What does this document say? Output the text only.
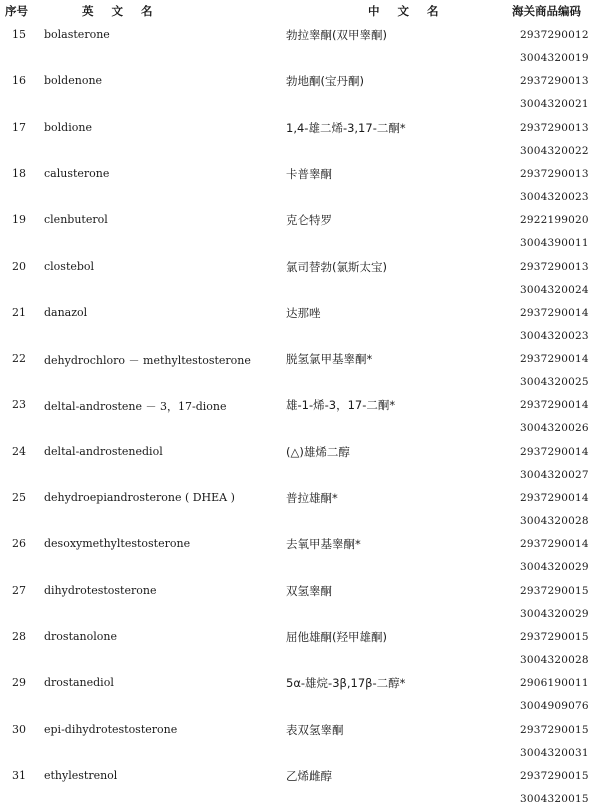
序号	英文名	中文名	海关商品编码
15 bolasterone	勃拉睾酮(双甲睾酮)	2937290012
3004320019
16 boldenone	勃地酮(宝丹酮)	2937290013
3004320021
17 boldione	1,4-雄二烯-3,17-二酮*	2937290013
3004320022
18 calusterone	卡普睾酮	2937290013
3004320023
19 clenbuterol	克仑特罗	2922199020
3004390011
20 clostebol	氯司替勃(氯斯太宝)	2937290013
3004320024
21 danazol	达那唑	2937290014
3004320023
22 dehydrochloro － methyltestosterone	脱氢氯甲基睾酮*	2937290014
3004320025
23 deltal-androstene － 3，17-dione	雄-1-烯-3，17-二酮*	2937290014
3004320026
24 deltal-androstenediol	(△)雄烯二醇	2937290014
3004320027
25 dehydroepiandrosterone ( DHEA )	普拉雄酮*	2937290014
3004320028
26 desoxymethyltestosterone	去氧甲基睾酮*	2937290014
3004320029
27 dihydrotestosterone	双氢睾酮	2937290015
3004320029
28 drostanolone	屈他雄酮(羟甲雄酮)	2937290015
3004320028
29 drostanediol	5α-雄烷-3β,17β-二醇*	2906190011
3004909076
30 epi-dihydrotestosterone	表双氢睾酮	2937290015
3004320031
31 ethylestrenol	乙烯雌醇	2937290015
3004320015
